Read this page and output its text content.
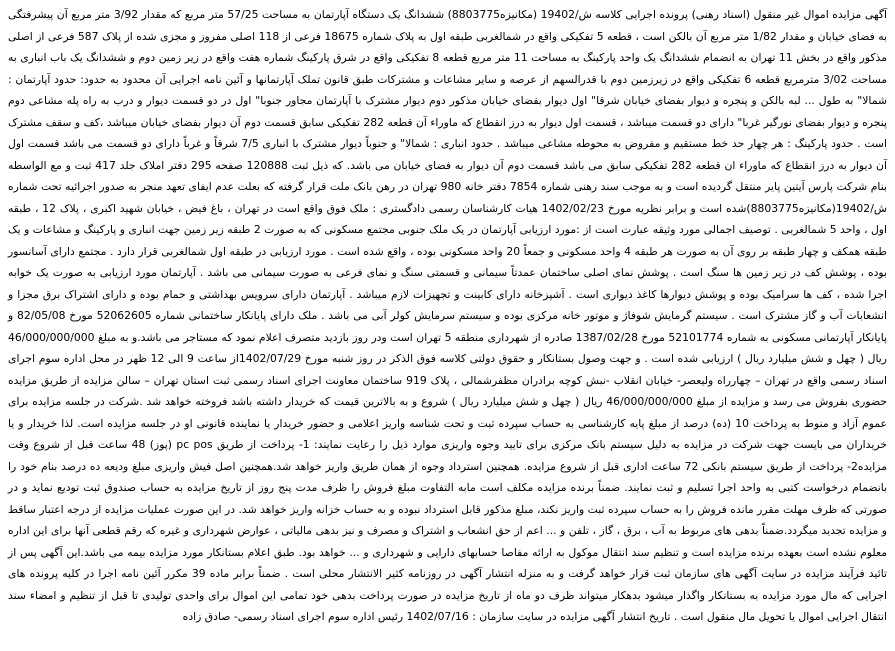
آگهی مزایده اموال غیر منقول (اسناد رهنی) پرونده اجرایی کلاسه ش/19402 (مکانیزه8803775) ششدانگ یک دستگاه آپارتمان به مساحت 57/25 متر مربع که مقدار 3/92 متر مربع آن پیشرفتگی به فضای خیابان و مقدار 1/82 متر مربع آن بالکن است ، قطعه 5 تفکیکی واقع در شمالغربی طبقه اول به پلاک شماره 18675 فرعی از 118 اصلی مفروز و مجزی شده از پلاک 587 فرعی از اصلی مذکور واقع در بخش 11 تهران به انضمام ششدانگ یک واحد پارکینگ به مساحت 11 متر مربع قطعه 8 تفکیکی واقع در شرق پارکینگ شماره هفت واقع در زیر زمین دوم و ششدانگ یک باب انباری به مساحت 3/02 مترمربع قطعه 6 تفکیکی واقع در زیرزمین دوم با قدرالسهم از عرصه و سایر مشاعات و مشترکات طبق قانون تملک آپارتمانها و آئین نامه اجرایی آن محدود به حدود: حدود آپارتمان : شمالا" به طول ... لبه بالکن و پنجره و دیوار بفضای خیابان شرقا" اول دیوار بفضای خیابان مذکور دوم دیوار مشترک با آپارتمان مجاور جنوبا" اول در دو قسمت دیوار و درب به راه پله مشاعی دوم پنجره و دیوار بفضای نورگیر غربا" دارای دو قسمت میباشد ، قسمت اول دیوار به درز انقطاع که ماوراء آن قطعه 282 تفکیکی سابق قسمت دوم آن دیوار بفضای خیابان میباشد ،کف و سقف مشترک است . حدود پارکینگ : هر چهار حد خط مستقیم و مفروض به محوطه مشاعی میباشد . حدود انباری : شمالا" و جنوباً دیوار مشترک با انباری 7/5 شرقاً و غرباً دارای دو قسمت می باشد قسمت اول آن دیوار به درز انقطاع که ماوراء ان قطعه 282 تفکیکی سابق می باشد قسمت دوم آن دیوار به فضای خیابان می باشد. که ذیل ثبت 120888 صفحه 295 دفتر املاک جلد 417 ثبت و مع الواسطه بنام شرکت پارس آیتین پایر منتقل گردیده است و به موجب سند رهنی شماره 7854 دفتر خانه 980 تهران در رهن بانک ملت قرار گرفته که بعلت عدم ایفای تعهد منجر به صدور اجرائیه تحت شماره ش/19402(مکانیزه8803775)شده است و برابر نظریه مورخ 1402/02/23 هیات کارشناسان رسمی دادگستری : ملک فوق واقع است در تهران ، باغ فیض ، خیابان شهید اکبری ، پلاک 12 ، طبقه اول ، واحد 5 شمالغربی . توصیف اجمالی مورد وثیقه عبارت است از :مورد ارزیابی آپارتمان در یک ملک جنوبی مجتمع مسکونی که به صورت 2 طبقه زیر زمین جهت انباری و پارکینگ و مشاعات و یک طبقه همکف و چهار طبقه بر روی آن به صورت هر طبقه 4 واحد مسکونی و جمعاً 20 واحد مسکونی بوده ، واقع شده است . مورد ارزیابی در طبقه اول شمالغربی قرار دارد . مجتمع دارای آسانسور بوده ، پوشش کف در زیر زمین ها سنگ است . پوشش نمای اصلی ساختمان عمدتاً سیمانی و قسمتی سنگ و نمای فرعی به صورت سیمانی می باشد . آپارتمان مورد ارزیابی به صورت یک خوابه اجرا شده ، کف ها سرامیک بوده و پوشش دیوارها کاغذ دیواری است . آشپزخانه دارای کابینت و تجهیزات لازم میباشد . آپارتمان دارای سرویس بهداشتی و حمام بوده و دارای اشتراک برق مجزا و انشعابات آب و گاز مشترک است . سیستم گرمایش شوفاژ و موتور خانه مرکزی بوده و سیستم سرمایش کولر آبی می باشد . ملک دارای پایانکار ساختمانی شماره 52062605 مورخ 82/05/08 و پایانکار آپارتمانی مسکونی به شماره 52101774 مورخ 1387/02/28 صادره از شهرداری منطقه 5 تهران است ودر روز بازدید متصرف اعلام نمود که مستاجر می باشد.و به مبلغ 46/000/000/000 ریال ( چهل و شش میلیارد ریال ) ارزیابی شده است . و جهت وصول بستانکار و حقوق دولتی کلاسه فوق الذکر در روز شنبه مورخ 1402/07/29از ساعت 9 الی 12 ظهر در محل اداره سوم اجرای اسناد رسمی واقع در تهران – چهارراه ولیعصر- خیابان انقلاب -نبش کوچه برادران مظفرشمالی ، پلاک 919 ساختمان معاونت اجرای اسناد رسمی ثبت استان تهران – سالن مزایده از طریق مزایده حضوری بفروش می رسد و مزایده از مبلغ 46/000/000/000 ریال ( چهل و شش میلیارد ریال ) شروع و به بالاترین قیمت که خریدار داشته باشد فروخته خواهد شد .شرکت در جلسه مزایده برای عموم آزاد و منوط به پرداخت 10 (ده) درصد از مبلغ پایه کارشناسی به حساب سپرده ثبت و تحت شناسه واریز اعلامی و حضور خریدار یا نماینده قانونی او در جلسه مزایده است. لذا خریدار و یا خریداران می بایست جهت شرکت در مزایده به دلیل سیستم بانک مرکزی برای تایید وجوه واریزی موارد ذیل را رعایت نمایند: 1- پرداخت از طریق pc pos (پوز) 48 ساعت قبل از شروع وقت مزایده2- پرداخت از طریق سیستم بانکی 72 ساعت اداری قبل از شروع مزایده. همچنین استرداد وجوه از همان طریق واریز خواهد شد.همچنین اصل فیش واریزی مبلغ ودیعه ده درصد بنام خود را بانضمام درخواست کتبی به واحد اجرا تسلیم و ثبت نمایند. ضمناً برنده مزایده مکلف است مابه التفاوت مبلغ فروش را ظرف مدت پنج روز از تاریخ مزایده به حساب صندوق ثبت تودیع نماید و در صورتی که ظرف مهلت مقرر مانده فروش را به حساب سپرده ثبت واریز نکند، مبلغ مذکور قابل استرداد نبوده و به حساب خزانه واریز خواهد شد. در این صورت عملیات مزایده از درجه اعتبار ساقط و مزایده تجدید میگردد.ضمناً بدهی های مربوط به آب ، برق ، گاز ، تلفن و ... اعم از حق انشعاب و اشتراک و مصرف و نیز بدهی مالیاتی ، عوارض شهرداری و غیره که رقم قطعی آنها برای این اداره معلوم نشده است بعهده برنده مزایده است و تنظیم سند انتقال موکول به ارائه مفاصا حسابهای دارایی و شهرداری و ... خواهد بود. طبق اعلام بستانکار مورد مزایده بیمه می باشد.این آگهی پس از تائید فرآیند مزایده در سایت آگهی های سازمان ثبت قرار خواهد گرفت و به منزله انتشار آگهی در روزنامه کثیر الانتشار محلی است . ضمناً برابر ماده 39 مکرر آئین نامه اجرا در کلیه پرونده های اجرایی که مال مورد مزایده به بستانکار واگذار میشود بدهکار میتواند ظرف دو ماه از تاریخ مزایده در صورت پرداخت بدهی خود تمامی این اموال برای واحدی تولیدی تا قبل از تنظیم و امضاء سند انتقال اجرایی اموال یا تحویل مال منقول است . تاریخ انتشار آگهی مزایده در سایت سازمان : 1402/07/16 رئیس اداره سوم اجرای اسناد رسمی- صادق زاده
